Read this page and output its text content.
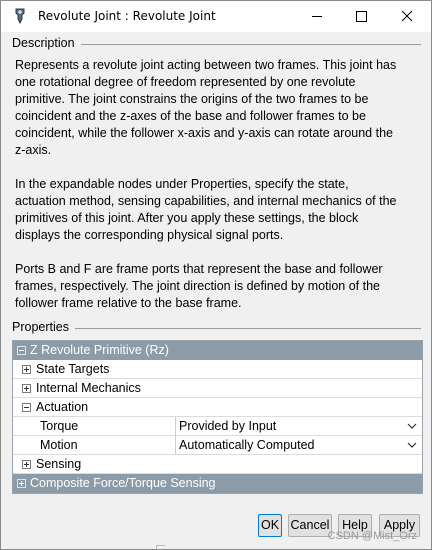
Revolute Joint : Revolute Joint
Description

Represents a revolute joint acting between two frames. This joint has
one rotational degree of freedom represented by one revolute
primitive. The joint constrains the origins of the two frames to be
coincident and the z-axes of the base and follower frames to be
coincident, while the follower x-axis and y-axis can rotate around the
z-axis.

In the expandable nodes under Properties, specify the state,
actuation method, sensing capabilities, and internal mechanics of the
primitives of this joint. After you apply these settings, the block
displays the corresponding physical signal ports.

Ports B and F are frame ports that represent the base and follower
frames, respectively. The joint direction is defined by motion of the
follower frame relative to the base frame.

Properties
Z Revolute Primitive (Rz)
State Targets
Internal Mechanics
Actuation
Torque	Provided by Input
Motion	Automatically Computed
Sensing
Composite Force/Torque Sensing
OK Cancel	Help	Apply
CSDN @Mist_Orz
